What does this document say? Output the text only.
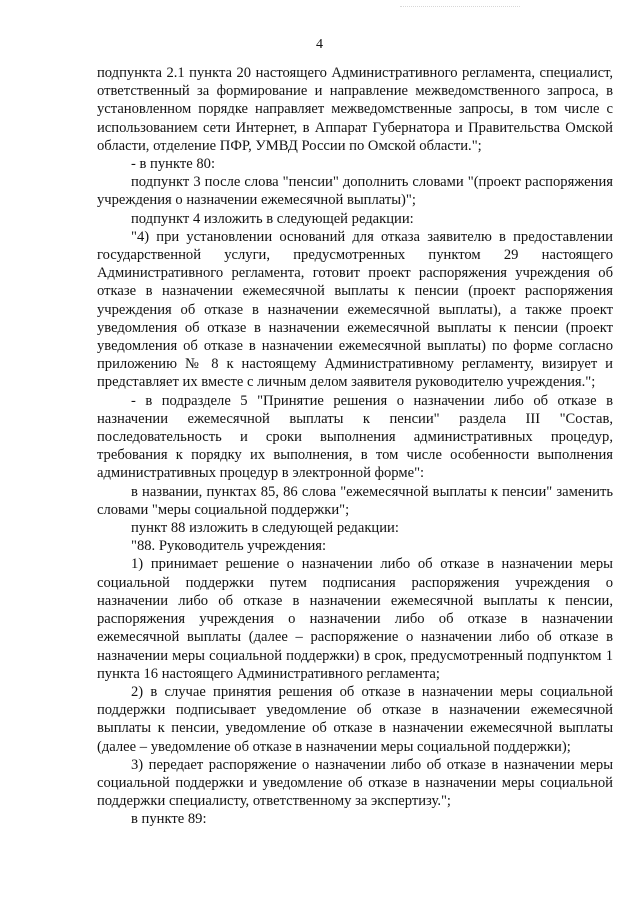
4

подпункта 2.1 пункта 20 настоящего Административного регламента, специалист, ответственный за формирование и направление межведомственного запроса, в установленном порядке направляет межведомственные запросы, в том числе с использованием сети Интернет, в Аппарат Губернатора и Правительства Омской области, отделение ПФР, УМВД России по Омской области.";

- в пункте 80:

подпункт 3 после слова "пенсии" дополнить словами "(проект распоряжения учреждения о назначении ежемесячной выплаты)";

подпункт 4 изложить в следующей редакции:

"4) при установлении оснований для отказа заявителю в предоставлении государственной услуги, предусмотренных пунктом 29 настоящего Административного регламента, готовит проект распоряжения учреждения об отказе в назначении ежемесячной выплаты к пенсии (проект распоряжения учреждения об отказе в назначении ежемесячной выплаты), а также проект уведомления об отказе в назначении ежемесячной выплаты к пенсии (проект уведомления об отказе в назначении ежемесячной выплаты) по форме согласно приложению № 8 к настоящему Административному регламенту, визирует и представляет их вместе с личным делом заявителя руководителю учреждения.";

- в подразделе 5 "Принятие решения о назначении либо об отказе в назначении ежемесячной выплаты к пенсии" раздела III "Состав, последовательность и сроки выполнения административных процедур, требования к порядку их выполнения, в том числе особенности выполнения административных процедур в электронной форме":

в названии, пунктах 85, 86 слова "ежемесячной выплаты к пенсии" заменить словами "меры социальной поддержки";

пункт 88 изложить в следующей редакции:

"88. Руководитель учреждения:

1) принимает решение о назначении либо об отказе в назначении меры социальной поддержки путем подписания распоряжения учреждения о назначении либо об отказе в назначении ежемесячной выплаты к пенсии, распоряжения учреждения о назначении либо об отказе в назначении ежемесячной выплаты (далее – распоряжение о назначении либо об отказе в назначении меры социальной поддержки) в срок, предусмотренный подпунктом 1 пункта 16 настоящего Административного регламента;

2) в случае принятия решения об отказе в назначении меры социальной поддержки подписывает уведомление об отказе в назначении ежемесячной выплаты к пенсии, уведомление об отказе в назначении ежемесячной выплаты (далее – уведомление об отказе в назначении меры социальной поддержки);

3) передает распоряжение о назначении либо об отказе в назначении меры социальной поддержки и уведомление об отказе в назначении меры социальной поддержки специалисту, ответственному за экспертизу.";

в пункте 89:
